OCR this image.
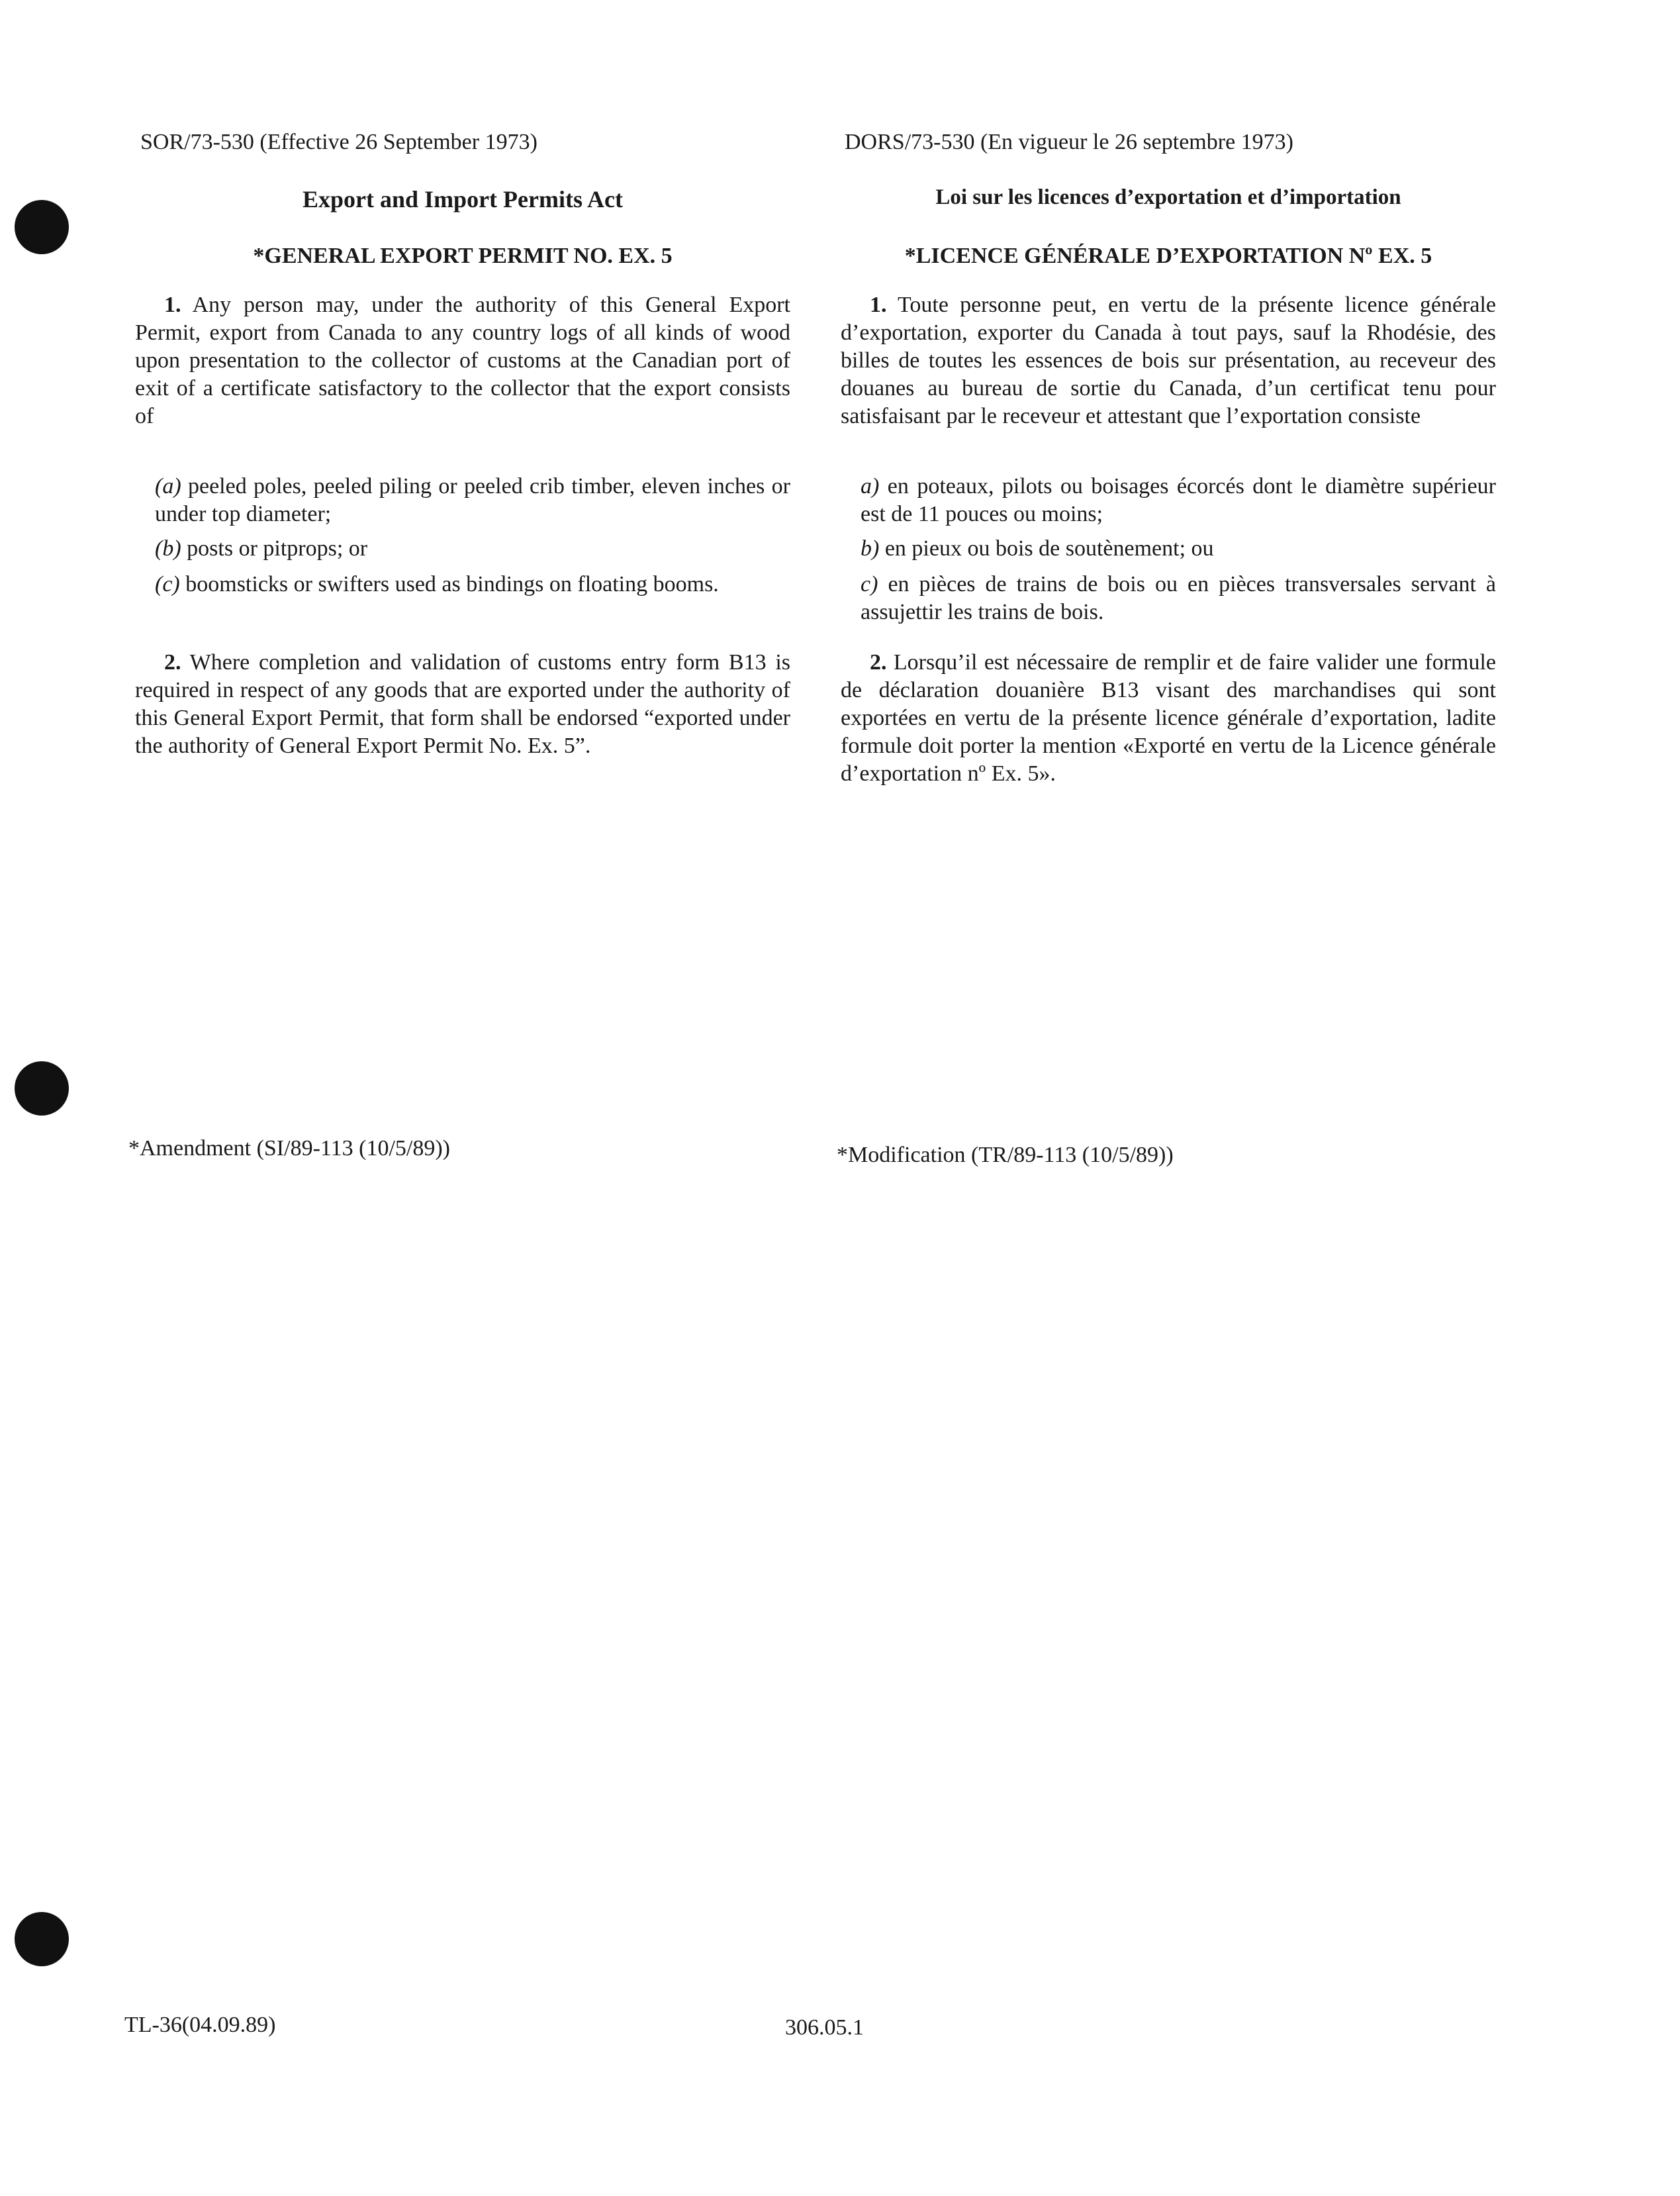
SOR/73-530 (Effective 26 September 1973)
Export and Import Permits Act
*GENERAL EXPORT PERMIT NO. EX. 5
1. Any person may, under the authority of this General Export Permit, export from Canada to any country logs of all kinds of wood upon presentation to the collector of customs at the Canadian port of exit of a certificate satisfactory to the collector that the export consists of
(a) peeled poles, peeled piling or peeled crib timber, eleven inches or under top diameter;
(b) posts or pitprops; or
(c) boomsticks or swifters used as bindings on floating booms.
2. Where completion and validation of customs entry form B13 is required in respect of any goods that are exported under the authority of this General Export Permit, that form shall be endorsed “exported under the authority of General Export Permit No. Ex. 5”.
*Amendment (SI/89-113 (10/5/89))
DORS/73-530 (En vigueur le 26 septembre 1973)
Loi sur les licences d’exportation et d’importation
*LICENCE GÉNÉRALE D’EXPORTATION Nº EX. 5
1. Toute personne peut, en vertu de la présente licence générale d’exportation, exporter du Canada à tout pays, sauf la Rhodésie, des billes de toutes les essences de bois sur présentation, au receveur des douanes au bureau de sortie du Canada, d’un certificat tenu pour satisfaisant par le receveur et attestant que l’exportation consiste
a) en poteaux, pilots ou boisages écorcés dont le diamètre supérieur est de 11 pouces ou moins;
b) en pieux ou bois de soutènement; ou
c) en pièces de trains de bois ou en pièces transversales servant à assujettir les trains de bois.
2. Lorsqu’il est nécessaire de remplir et de faire valider une formule de déclaration douanière B13 visant des marchandises qui sont exportées en vertu de la présente licence générale d’exportation, ladite formule doit porter la mention «Exporté en vertu de la Licence générale d’exportation nº Ex. 5».
*Modification (TR/89-113 (10/5/89))
TL-36(04.09.89)	306.05.1
